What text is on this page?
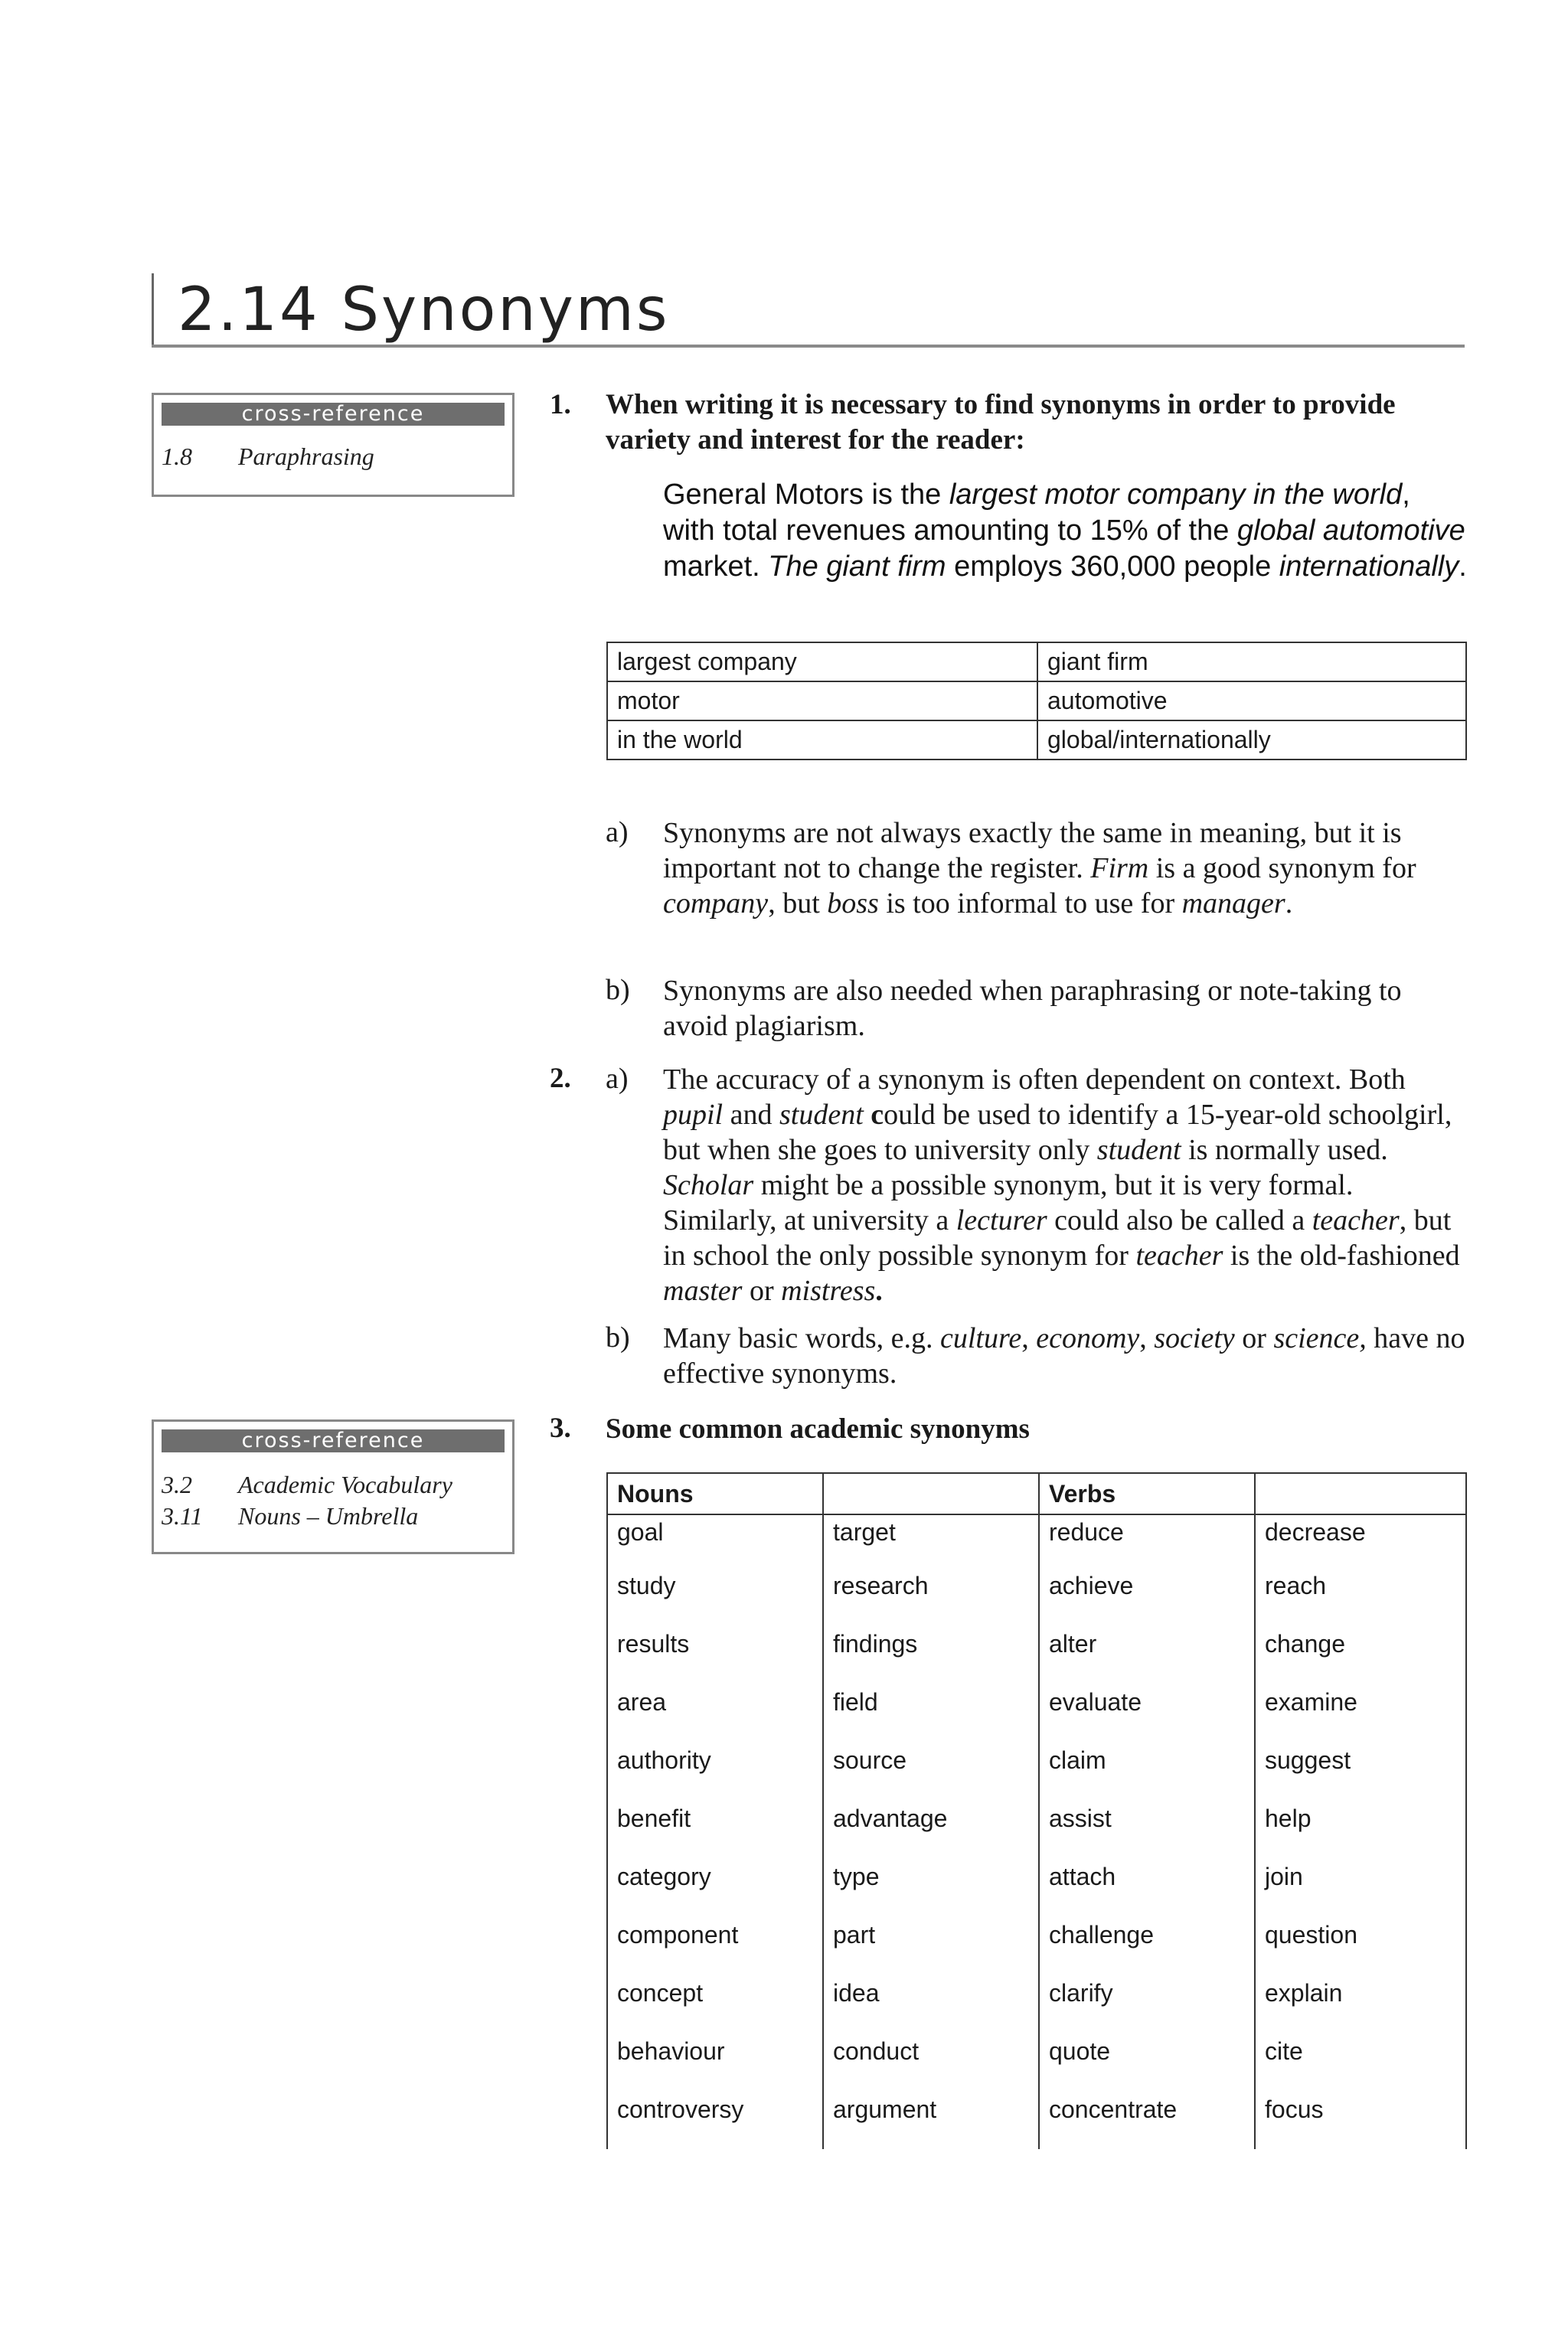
2.14 Synonyms
cross-reference
1.8 Paraphrasing
cross-reference
3.2 Academic Vocabulary
3.11 Nouns – Umbrella
1. When writing it is necessary to find synonyms in order to provide variety and interest for the reader:
General Motors is the largest motor company in the world, with total revenues amounting to 15% of the global automotive market. The giant firm employs 360,000 people internationally.
largest company	giant firm
motor	automotive
in the world	global/internationally
a) Synonyms are not always exactly the same in meaning, but it is important not to change the register. Firm is a good synonym for company, but boss is too informal to use for manager.
b) Synonyms are also needed when paraphrasing or note-taking to avoid plagiarism.
2. a) The accuracy of a synonym is often dependent on context. Both pupil and student could be used to identify a 15-year-old schoolgirl, but when she goes to university only student is normally used. Scholar might be a possible synonym, but it is very formal. Similarly, at university a lecturer could also be called a teacher, but in school the only possible synonym for teacher is the old-fashioned master or mistress.
b) Many basic words, e.g. culture, economy, society or science, have no effective synonyms.
3. Some common academic synonyms
Nouns		Verbs	
goal	target	reduce	decrease
study	research	achieve	reach
results	findings	alter	change
area	field	evaluate	examine
authority	source	claim	suggest
benefit	advantage	assist	help
category	type	attach	join
component	part	challenge	question
concept	idea	clarify	explain
behaviour	conduct	quote	cite
controversy	argument	concentrate	focus
